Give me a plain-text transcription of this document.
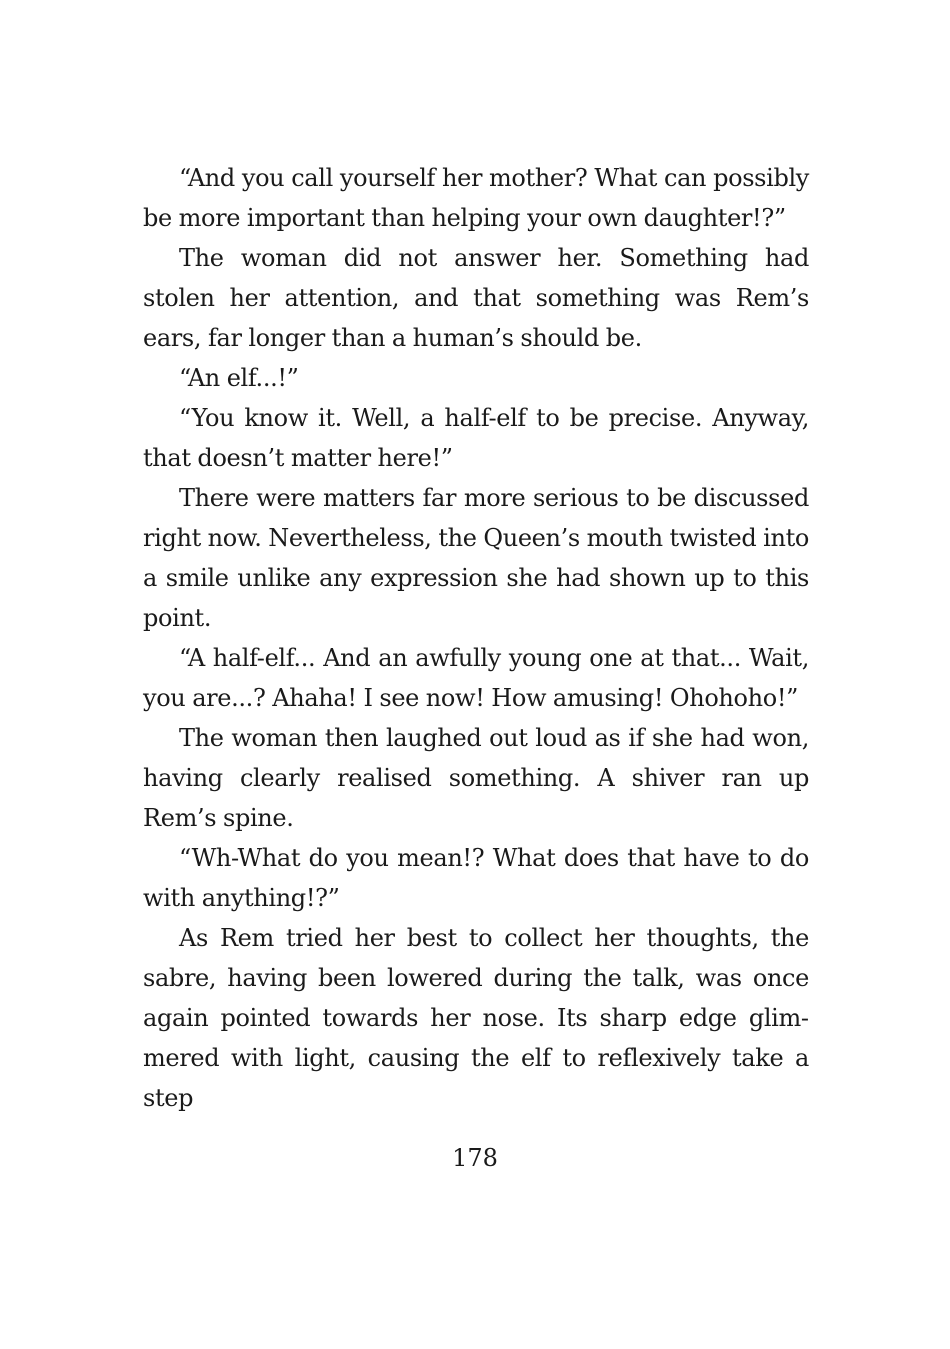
“And you call yourself her mother? What can possibly be more important than helping your own daughter!?”

The woman did not answer her. Something had stolen her attention, and that something was Rem’s ears, far longer than a human’s should be.

“An elf...!”

“You know it. Well, a half-elf to be precise. Anyway, that doesn’t matter here!”

There were matters far more serious to be discussed right now. Nevertheless, the Queen’s mouth twisted into a smile unlike any expression she had shown up to this point.

“A half-elf... And an awfully young one at that... Wait, you are...? Ahaha! I see now! How amusing! Ohohoho!”

The woman then laughed out loud as if she had won, having clearly realised something. A shiver ran up Rem’s spine.

“Wh-What do you mean!? What does that have to do with anything!?”

As Rem tried her best to collect her thoughts, the sabre, having been lowered during the talk, was once again pointed towards her nose. Its sharp edge glimmered with light, causing the elf to reflexively take a step

178
